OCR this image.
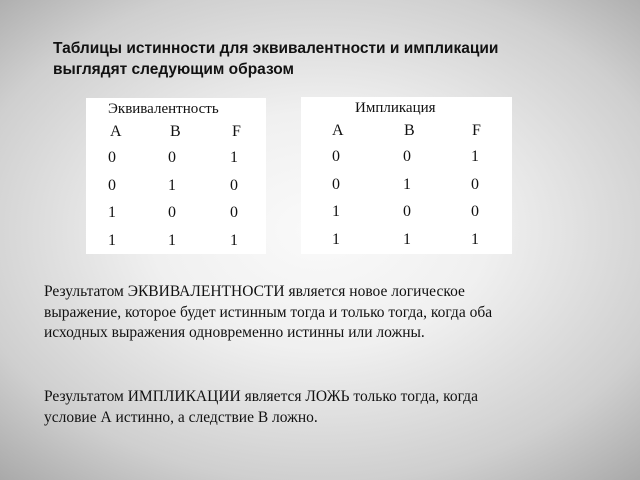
Таблицы истинности для эквивалентности и импликации
выглядят следующим образом
Эквивалентность
A	B	F
0	0	1
0	1	0
1	0	0
1	1	1
Импликация
A	B	F
0	0	1
0	1	0
1	0	0
1	1	1
Результатом ЭКВИВАЛЕНТНОСТИ является новое логическое
выражение, которое будет истинным тогда и только тогда, когда оба
исходных выражения одновременно истинны или ложны.
Результатом ИМПЛИКАЦИИ является ЛОЖЬ только тогда, когда
условие А истинно, а следствие В ложно.
